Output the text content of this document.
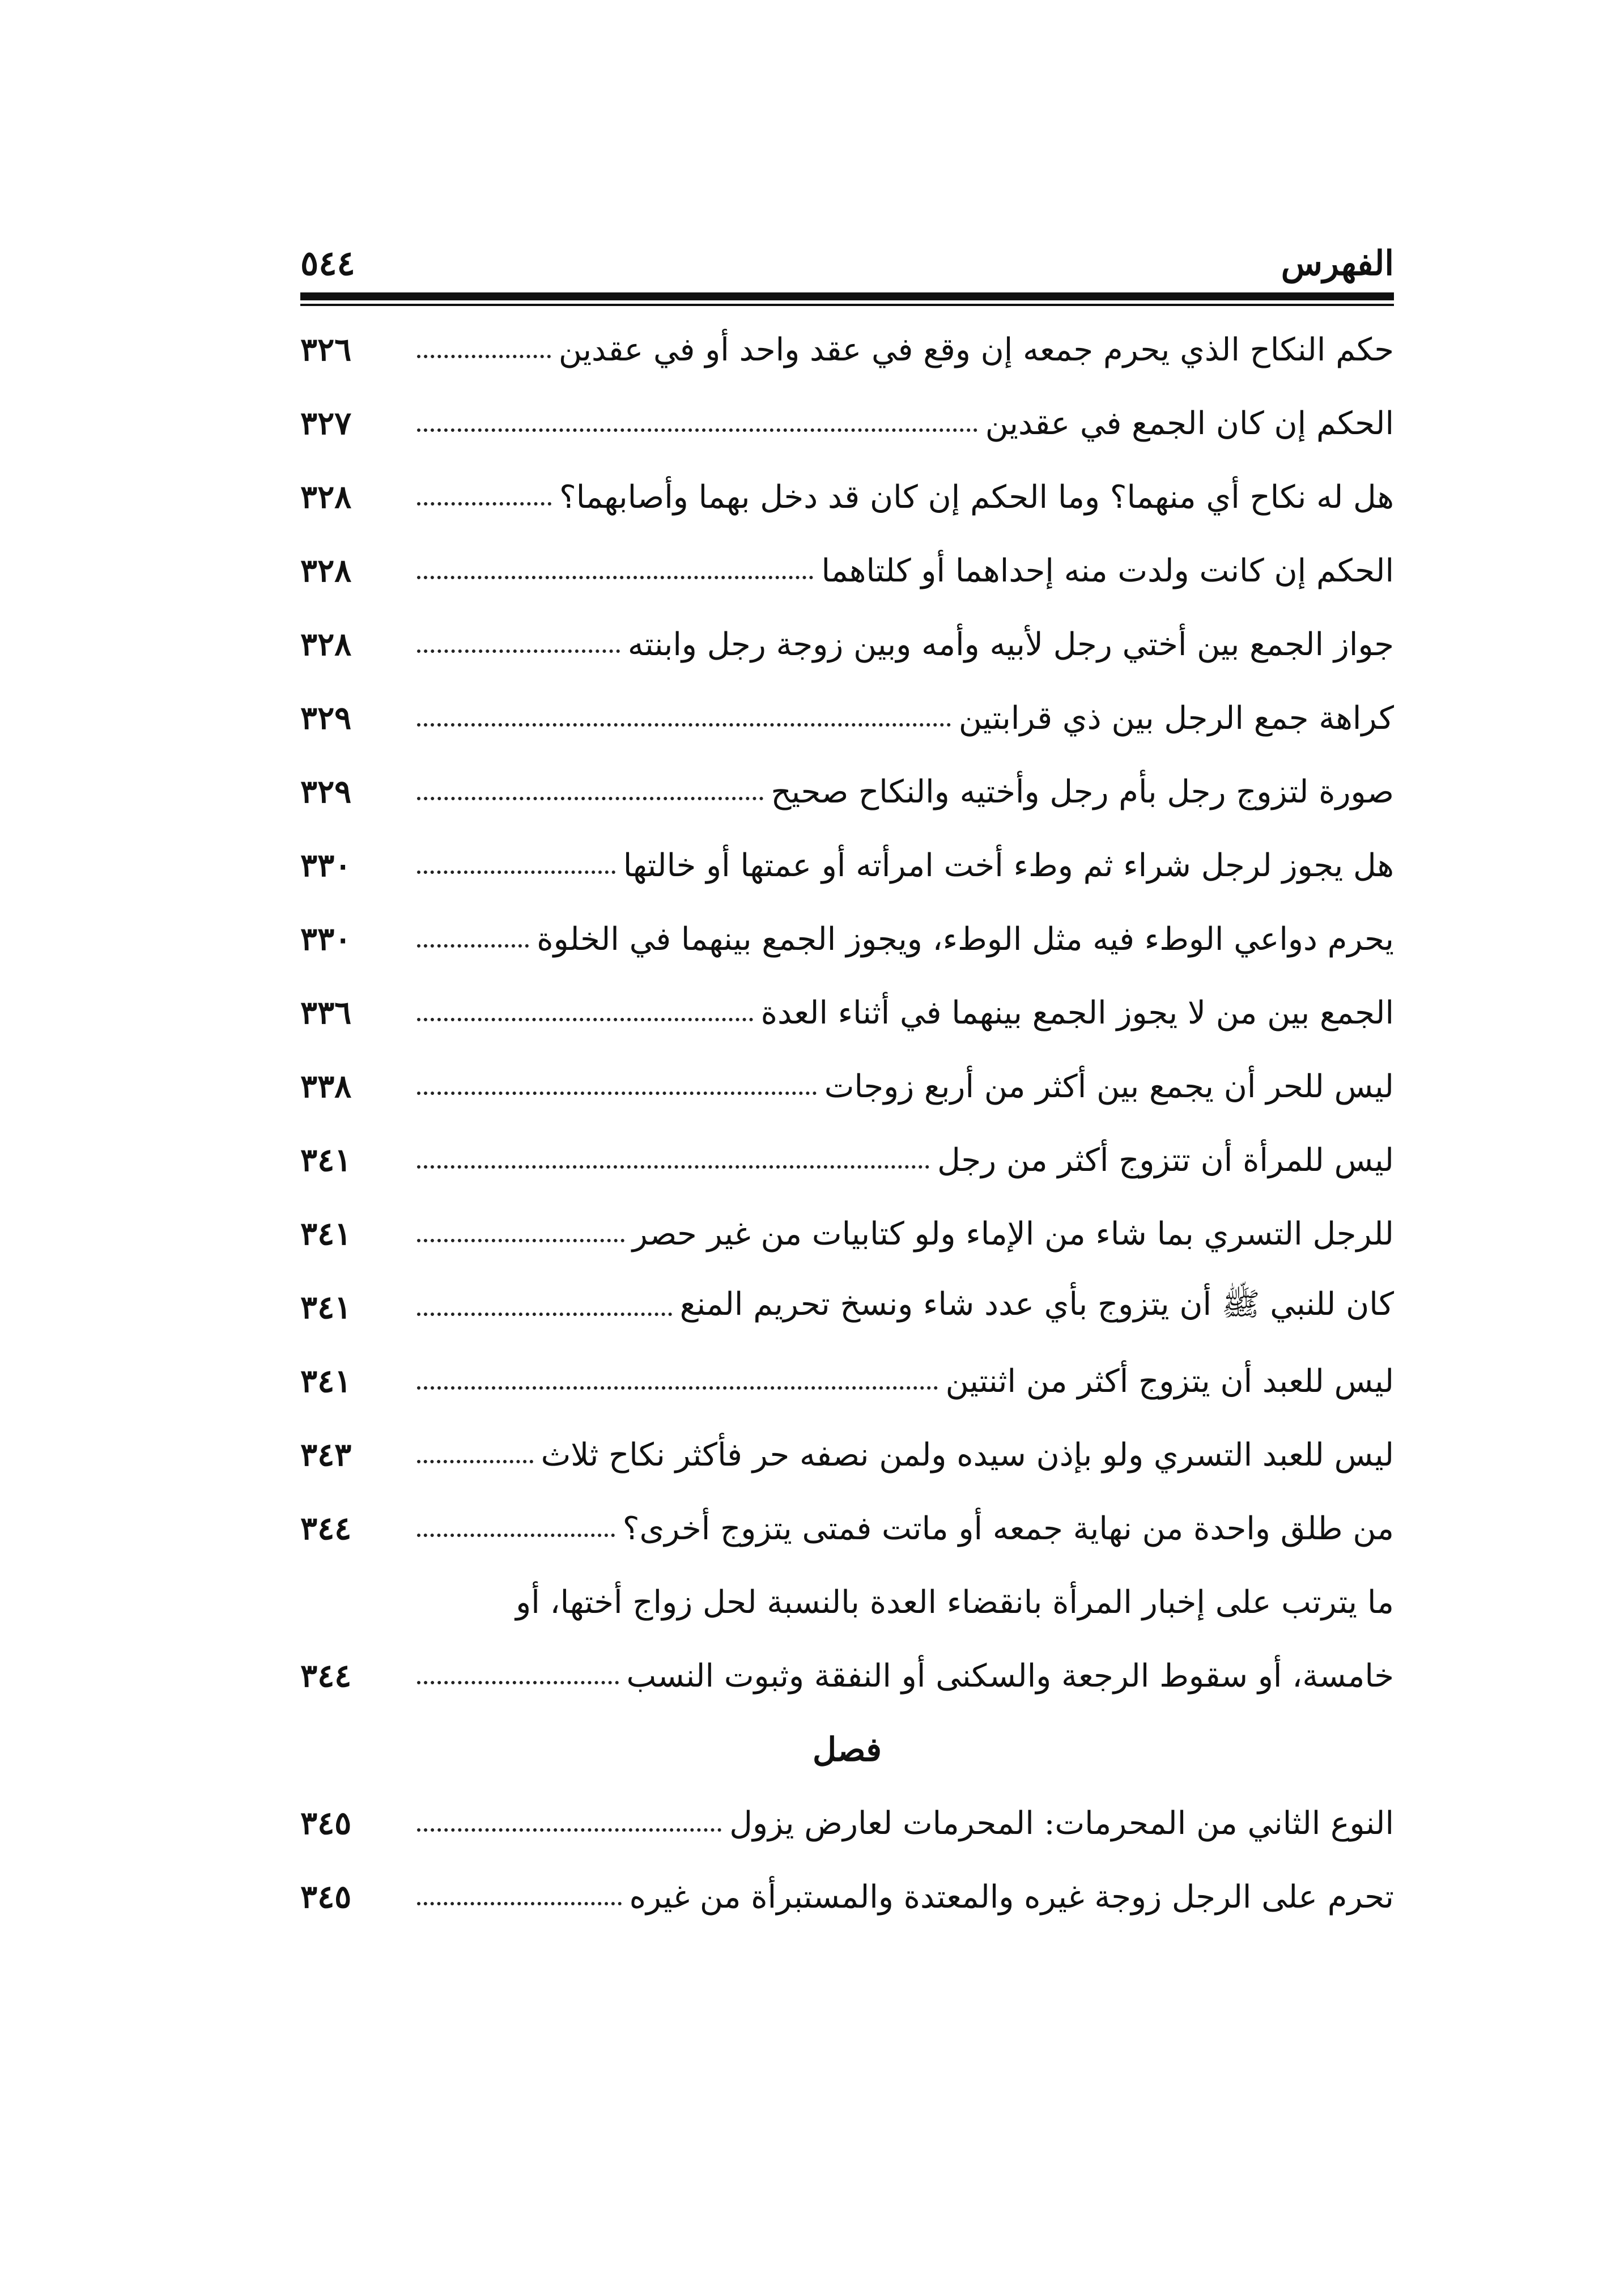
الفهرس
٥٤٤
حكم النكاح الذي يحرم جمعه إن وقع في عقد واحد أو في عقدين
٣٢٦
الحكم إن كان الجمع في عقدين
٣٢٧
هل له نكاح أي منهما؟ وما الحكم إن كان قد دخل بهما وأصابهما؟
٣٢٨
الحكم إن كانت ولدت منه إحداهما أو كلتاهما
٣٢٨
جواز الجمع بين أختي رجل لأبيه وأمه وبين زوجة رجل وابنته
٣٢٨
كراهة جمع الرجل بين ذي قرابتين
٣٢٩
صورة لتزوج رجل بأم رجل وأختيه والنكاح صحيح
٣٢٩
هل يجوز لرجل شراء ثم وطء أخت امرأته أو عمتها أو خالتها
٣٣٠
يحرم دواعي الوطء فيه مثل الوطء، ويجوز الجمع بينهما في الخلوة
٣٣٠
الجمع بين من لا يجوز الجمع بينهما في أثناء العدة
٣٣٦
ليس للحر أن يجمع بين أكثر من أربع زوجات
٣٣٨
ليس للمرأة أن تتزوج أكثر من رجل
٣٤١
للرجل التسري بما شاء من الإماء ولو كتابيات من غير حصر
٣٤١
كان للنبي ﷺ أن يتزوج بأي عدد شاء ونسخ تحريم المنع
٣٤١
ليس للعبد أن يتزوج أكثر من اثنتين
٣٤١
ليس للعبد التسري ولو بإذن سيده ولمن نصفه حر فأكثر نكاح ثلاث
٣٤٣
من طلق واحدة من نهاية جمعه أو ماتت فمتى يتزوج أخرى؟
٣٤٤
ما يترتب على إخبار المرأة بانقضاء العدة بالنسبة لحل زواج أختها، أو
خامسة، أو سقوط الرجعة والسكنى أو النفقة وثبوت النسب
٣٤٤
فصل
النوع الثاني من المحرمات: المحرمات لعارض يزول
٣٤٥
تحرم على الرجل زوجة غيره والمعتدة والمستبرأة من غيره
٣٤٥
